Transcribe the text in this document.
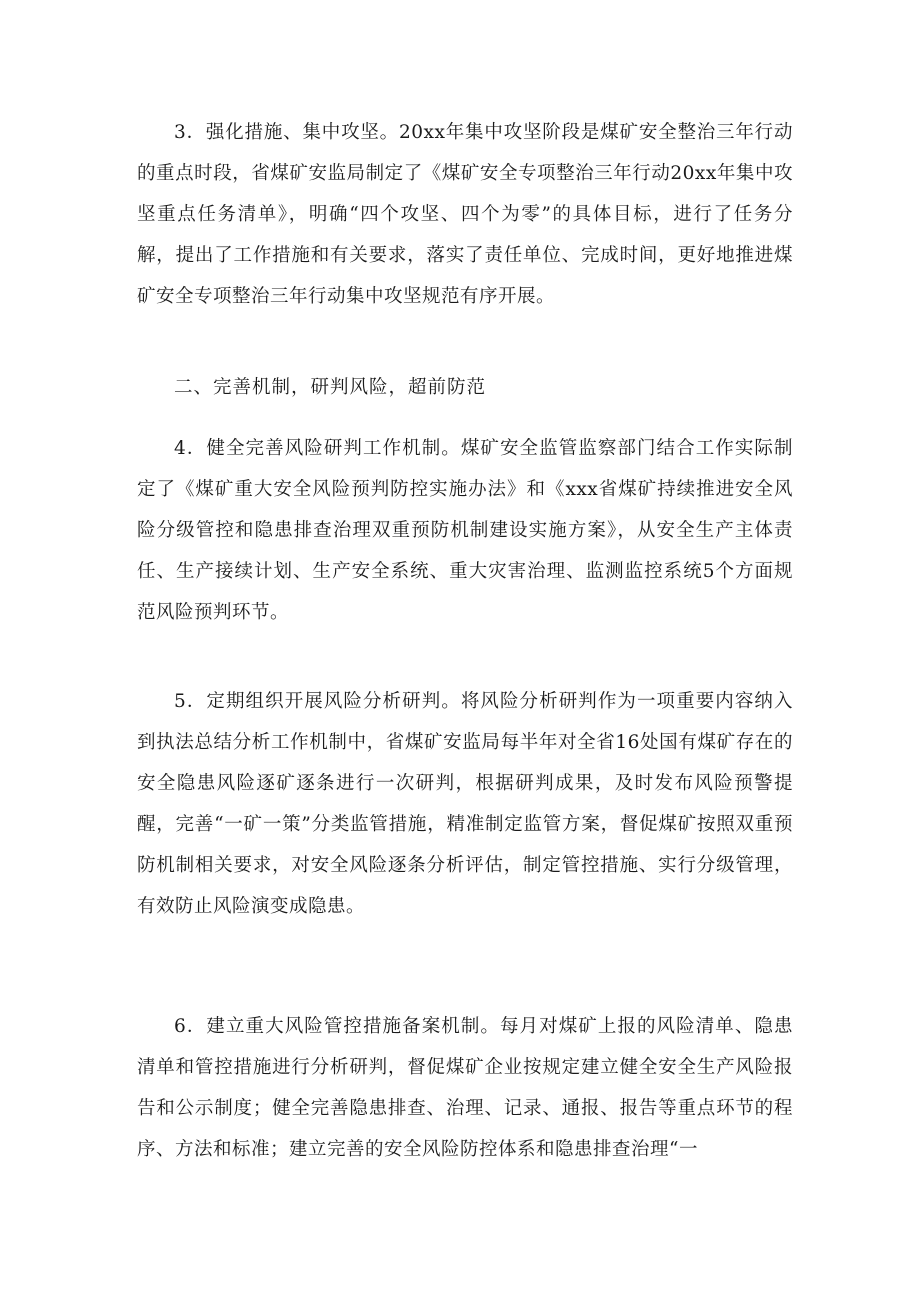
3．强化措施、集中攻坚。20xx年集中攻坚阶段是煤矿安全整治三年行动的重点时段，省煤矿安监局制定了《煤矿安全专项整治三年行动20xx年集中攻坚重点任务清单》，明确“四个攻坚、四个为零”的具体目标，进行了任务分解，提出了工作措施和有关要求，落实了责任单位、完成时间，更好地推进煤矿安全专项整治三年行动集中攻坚规范有序开展。

二、完善机制，研判风险，超前防范

4．健全完善风险研判工作机制。煤矿安全监管监察部门结合工作实际制定了《煤矿重大安全风险预判防控实施办法》和《xxx省煤矿持续推进安全风险分级管控和隐患排查治理双重预防机制建设实施方案》，从安全生产主体责任、生产接续计划、生产安全系统、重大灾害治理、监测监控系统5个方面规范风险预判环节。

5．定期组织开展风险分析研判。将风险分析研判作为一项重要内容纳入到执法总结分析工作机制中，省煤矿安监局每半年对全省16处国有煤矿存在的安全隐患风险逐矿逐条进行一次研判，根据研判成果，及时发布风险预警提醒，完善“一矿一策”分类监管措施，精准制定监管方案，督促煤矿按照双重预防机制相关要求，对安全风险逐条分析评估，制定管控措施、实行分级管理，有效防止风险演变成隐患。

6．建立重大风险管控措施备案机制。每月对煤矿上报的风险清单、隐患清单和管控措施进行分析研判，督促煤矿企业按规定建立健全安全生产风险报告和公示制度；健全完善隐患排查、治理、记录、通报、报告等重点环节的程序、方法和标准；建立完善的安全风险防控体系和隐患排查治理“一
